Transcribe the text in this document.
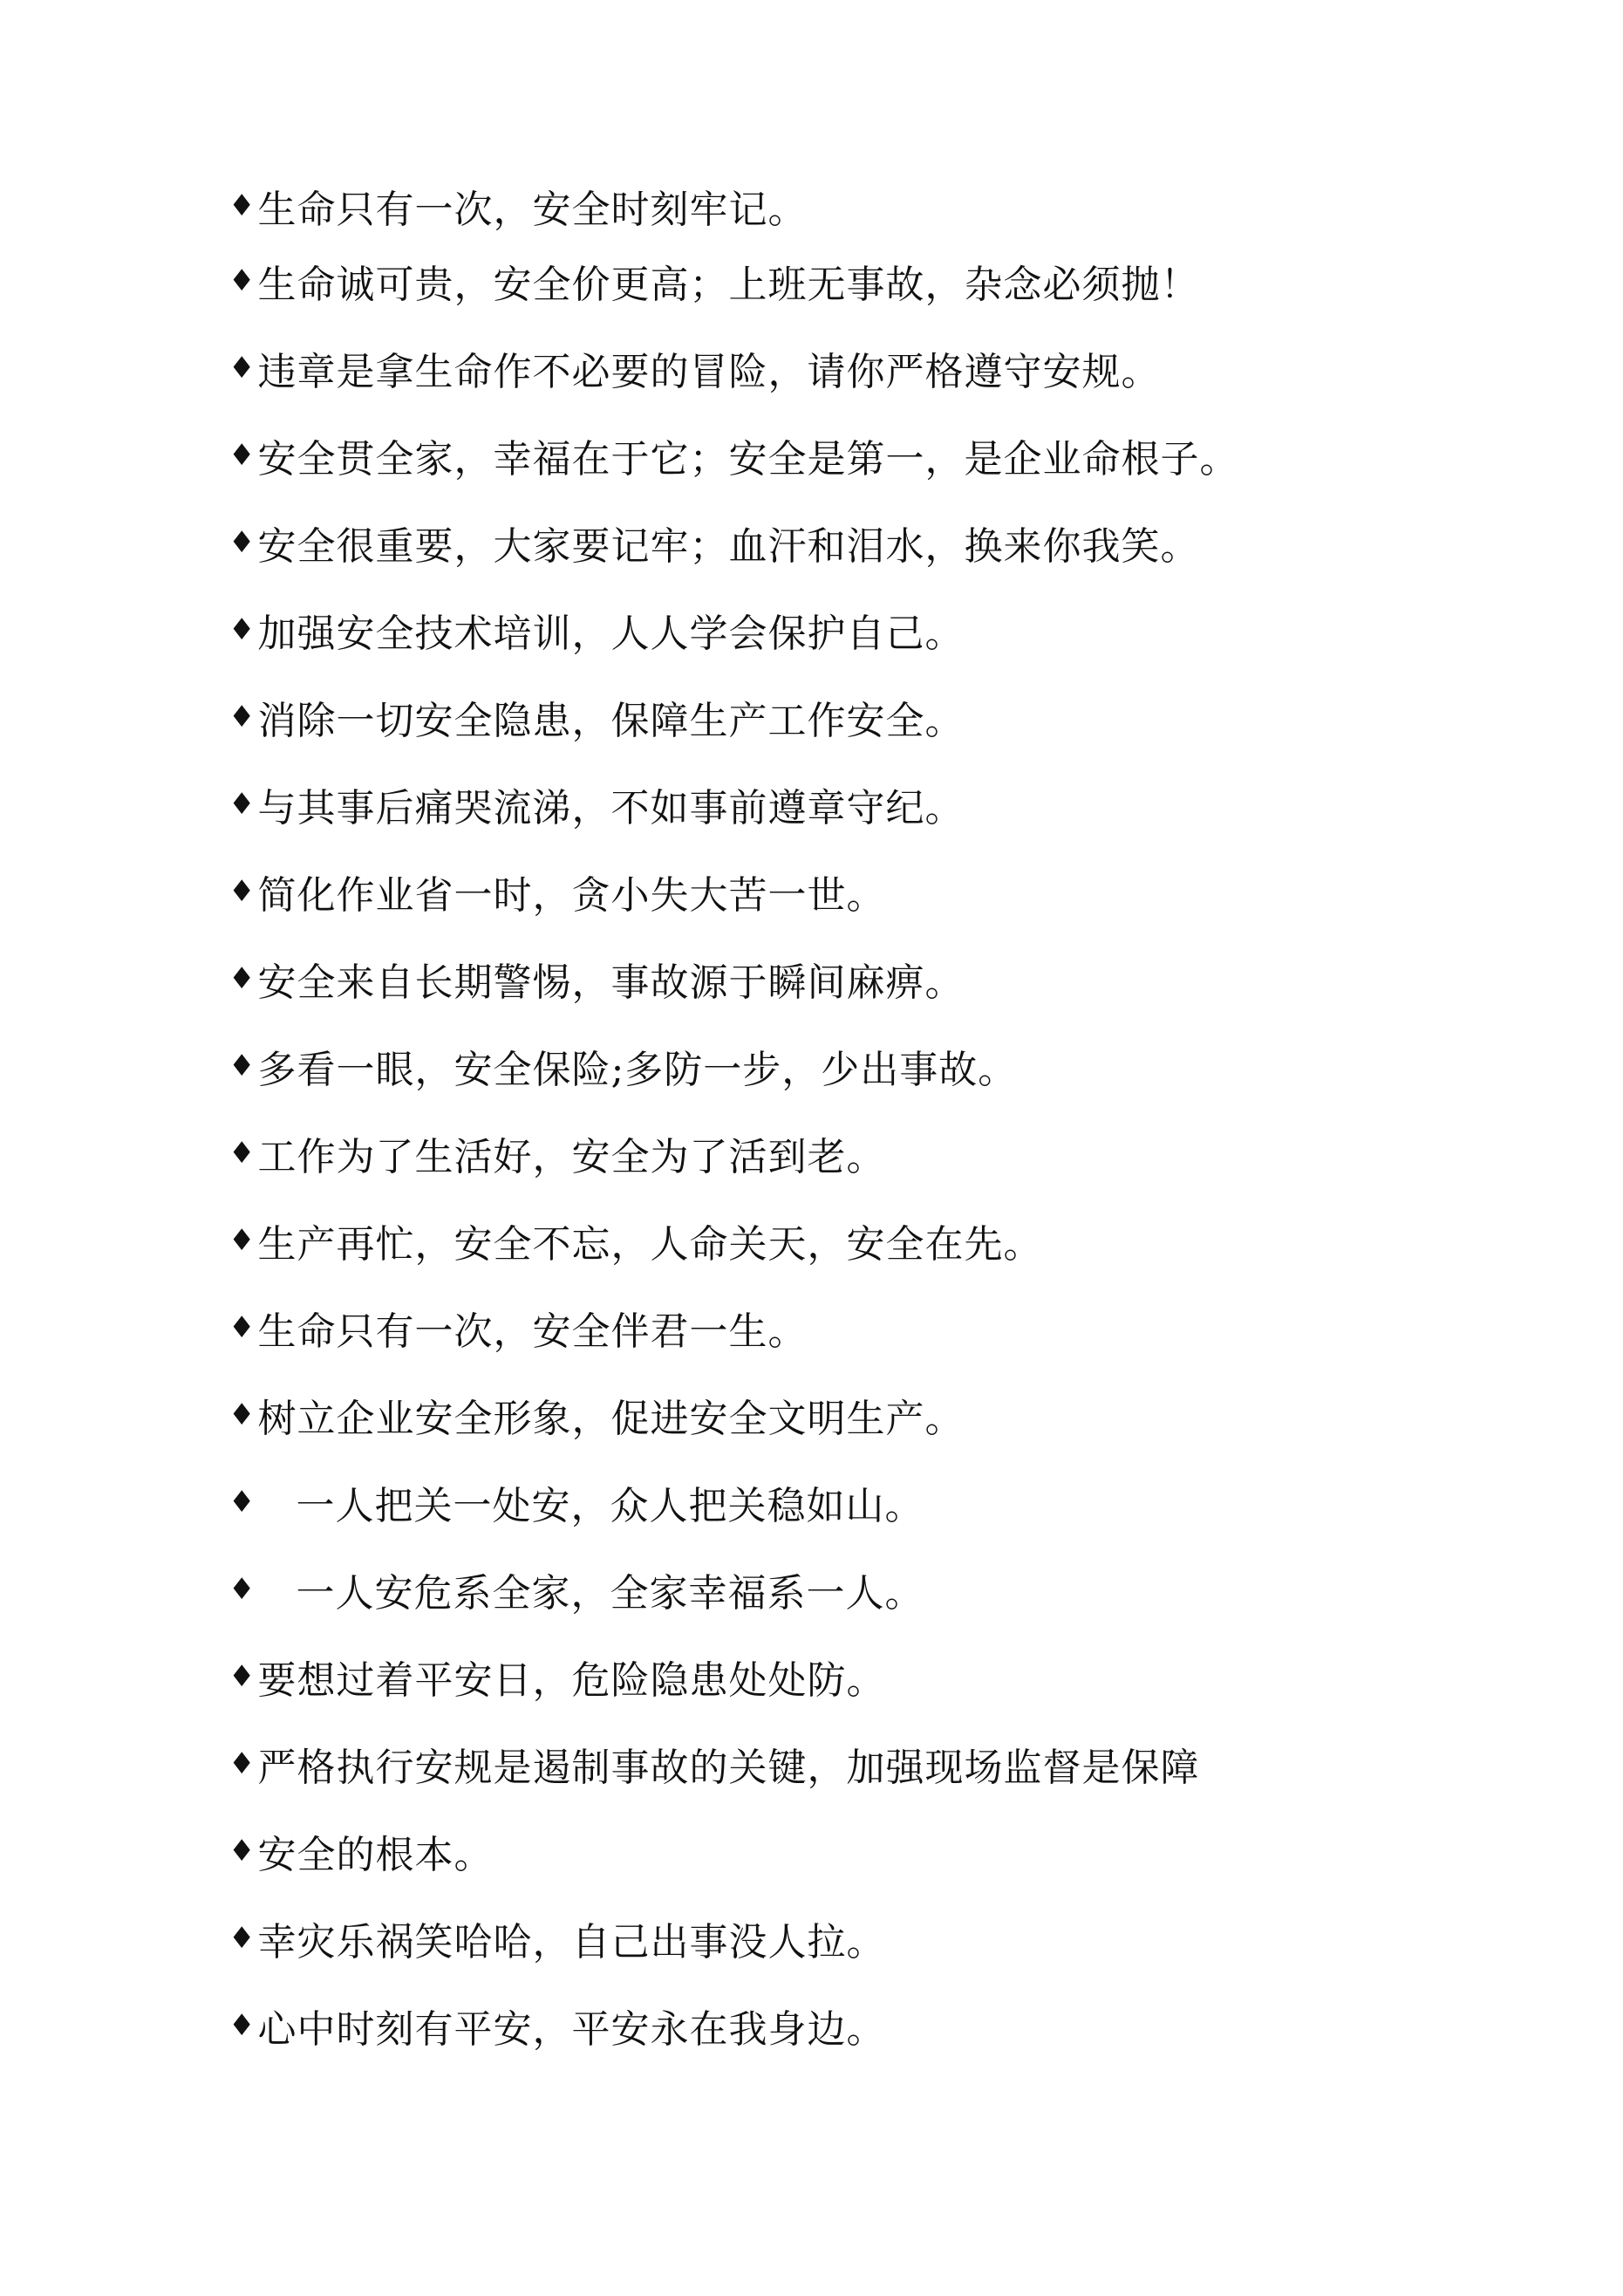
♦ 生命只有一次，安全时刻牢记。
♦ 生命诚可贵，安全价更高；上班无事故，杂念必须抛！
♦ 违章是拿生命作不必要的冒险，请你严格遵守安规。
♦ 安全贯全家，幸福在于它；安全是第一，是企业命根子。
♦ 安全很重要，大家要记牢；血汗和泪水，换来你我笑。
♦ 加强安全技术培训，人人学会保护自己。
♦ 消除一切安全隐患，保障生产工作安全。
♦ 与其事后痛哭流涕，不如事前遵章守纪。
♦ 简化作业省一时，贪小失大苦一世。
♦ 安全来自长期警惕，事故源于瞬间麻痹。
♦ 多看一眼，安全保险;多防一步，少出事故。
♦ 工作为了生活好，安全为了活到老。
♦ 生产再忙，安全不忘，人命关天，安全在先。
♦ 生命只有一次，安全伴君一生。
♦ 树立企业安全形象，促进安全文明生产。
♦ 一人把关一处安，众人把关稳如山。
♦ 一人安危系全家，全家幸福系一人。
♦ 要想过着平安日，危险隐患处处防。
♦ 严格执行安规是遏制事故的关键，加强现场监督是保障
♦ 安全的根本。
♦ 幸灾乐祸笑哈哈，自己出事没人拉。
♦ 心中时刻有平安，平安永在我身边。
